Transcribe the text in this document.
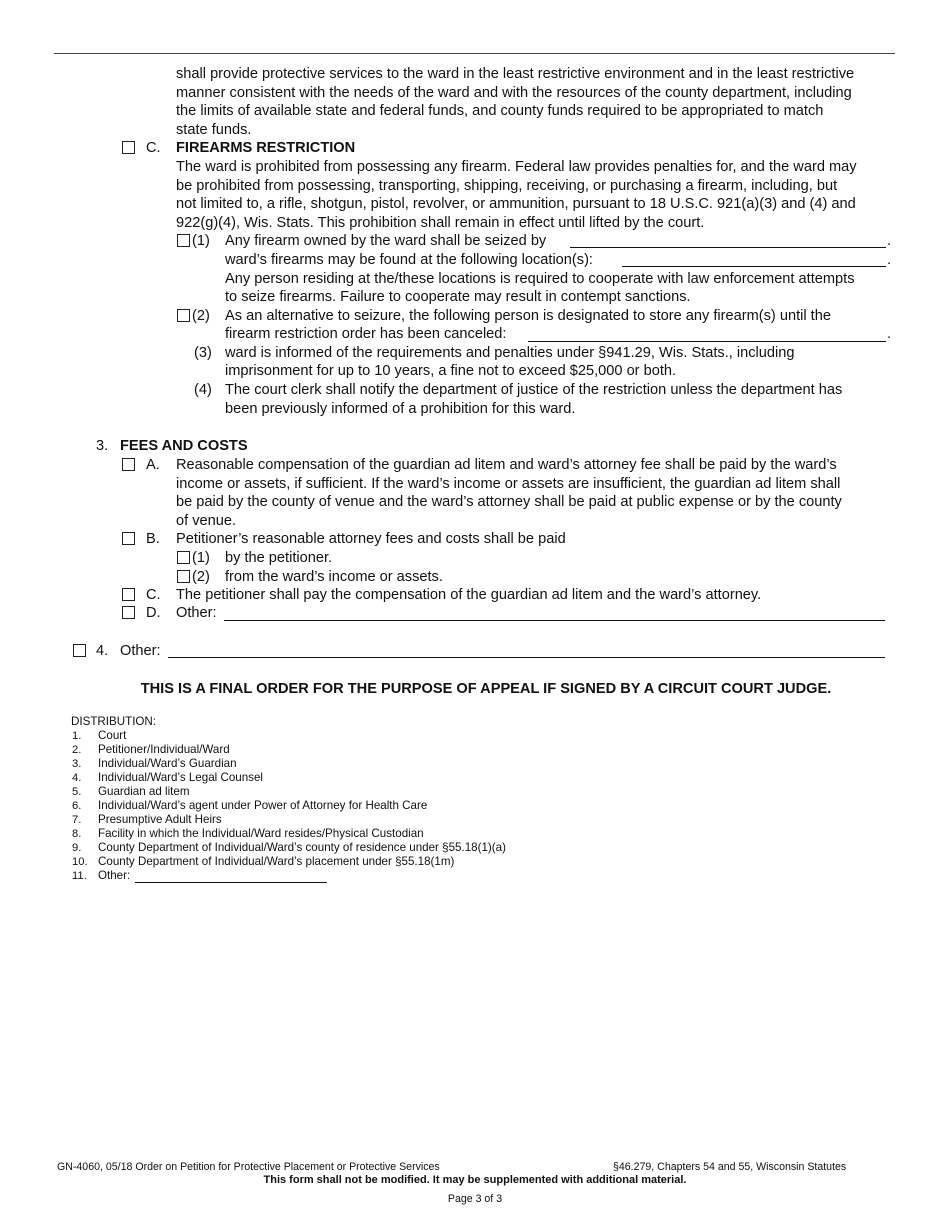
shall provide protective services to the ward in the least restrictive environment and in the least restrictive
manner consistent with the needs of the ward and with the resources of the county department, including
the limits of available state and federal funds, and county funds required to be appropriated to match
state funds.
C. FIREARMS RESTRICTION
The ward is prohibited from possessing any firearm. Federal law provides penalties for, and the ward may
be prohibited from possessing, transporting, shipping, receiving, or purchasing a firearm, including, but
not limited to, a rifle, shotgun, pistol, revolver, or ammunition, pursuant to 18 U.S.C. 921(a)(3) and (4) and
922(g)(4), Wis. Stats. This prohibition shall remain in effect until lifted by the court.
(1) Any firearm owned by the ward shall be seized by	.
ward’s firearms may be found at the following location(s):	.
Any person residing at the/these locations is required to cooperate with law enforcement attempts
to seize firearms. Failure to cooperate may result in contempt sanctions.
(2) As an alternative to seizure, the following person is designated to store any firearm(s) until the
firearm restriction order has been canceled:	.
(3) ward is informed of the requirements and penalties under §941.29, Wis. Stats., including
imprisonment for up to 10 years, a fine not to exceed $25,000 or both.
(4) The court clerk shall notify the department of justice of the restriction unless the department has
been previously informed of a prohibition for this ward.
3. FEES AND COSTS
A. Reasonable compensation of the guardian ad litem and ward’s attorney fee shall be paid by the ward’s
income or assets, if sufficient. If the ward’s income or assets are insufficient, the guardian ad litem shall
be paid by the county of venue and the ward’s attorney shall be paid at public expense or by the county
of venue.
B. Petitioner’s reasonable attorney fees and costs shall be paid
(1) by the petitioner.
(2) from the ward’s income or assets.
C. The petitioner shall pay the compensation of the guardian ad litem and the ward’s attorney.
D. Other:
4. Other:
THIS IS A FINAL ORDER FOR THE PURPOSE OF APPEAL IF SIGNED BY A CIRCUIT COURT JUDGE.
DISTRIBUTION:
1.	Court
2.	Petitioner/Individual/Ward
3.	Individual/Ward’s Guardian
4.	Individual/Ward’s Legal Counsel
5.	Guardian ad litem
6.	Individual/Ward’s agent under Power of Attorney for Health Care
7.	Presumptive Adult Heirs
8.	Facility in which the Individual/Ward resides/Physical Custodian
9.	County Department of Individual/Ward’s county of residence under §55.18(1)(a)
10. County Department of Individual/Ward’s placement under §55.18(1m)
11. Other:
GN-4060, 05/18 Order on Petition for Protective Placement or Protective Services	§46.279, Chapters 54 and 55, Wisconsin Statutes
This form shall not be modified. It may be supplemented with additional material.
Page 3 of 3
